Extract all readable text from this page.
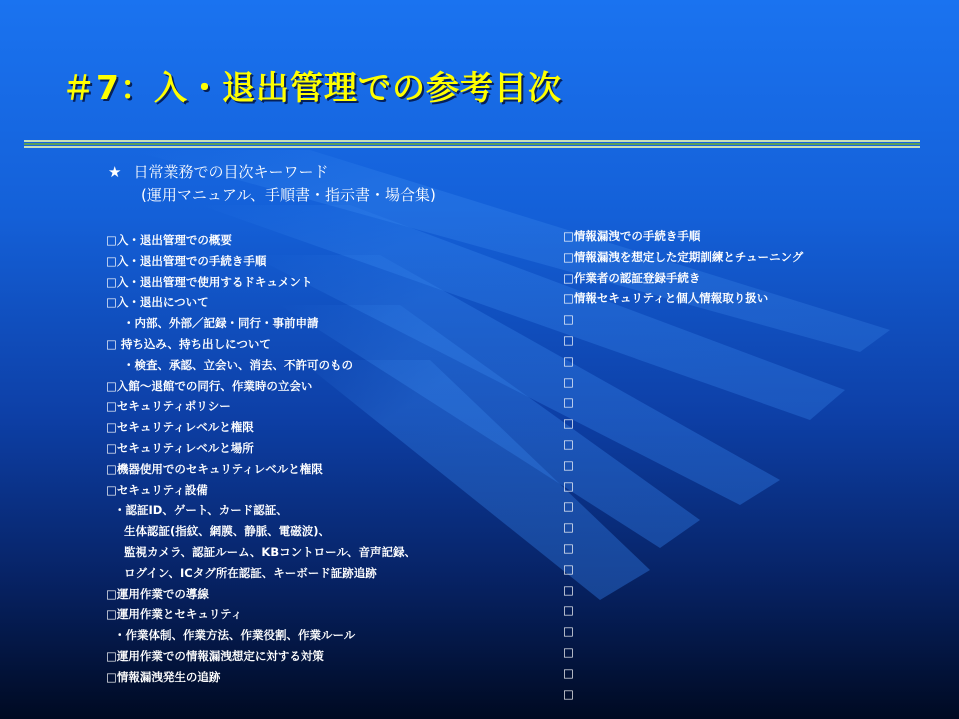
＃7：入・退出管理での参考目次
★ 日常業務での目次キーワード
(運用マニュアル、手順書・指示書・場合集)
□入・退出管理での概要
□入・退出管理での手続き手順
□入・退出管理で使用するドキュメント
□入・退出について
・内部、外部／記録・同行・事前申請
□ 持ち込み、持ち出しについて
・検査、承認、立会い、消去、不許可のもの
□入館～退館での同行、作業時の立会い
□セキュリティポリシー
□セキュリティレベルと権限
□セキュリティレベルと場所
□機器使用でのセキュリティレベルと権限
□セキュリティ設備
・認証ID、ゲート、カード認証、
生体認証(指紋、網膜、静脈、電磁波)、
監視カメラ、認証ルーム、KBコントロール、音声記録、
ログイン、ICタグ所在認証、キーボード証跡追跡
□運用作業での導線
□運用作業とセキュリティ
・作業体制、作業方法、作業役割、作業ルール
□運用作業での情報漏洩想定に対する対策
□情報漏洩発生の追跡
□情報漏洩での手続き手順
□情報漏洩を想定した定期訓練とチューニング
□作業者の認証登録手続き
□情報セキュリティと個人情報取り扱い
□
□
□
□
□
□
□
□
□
□
□
□
□
□
□
□
□
□
□
